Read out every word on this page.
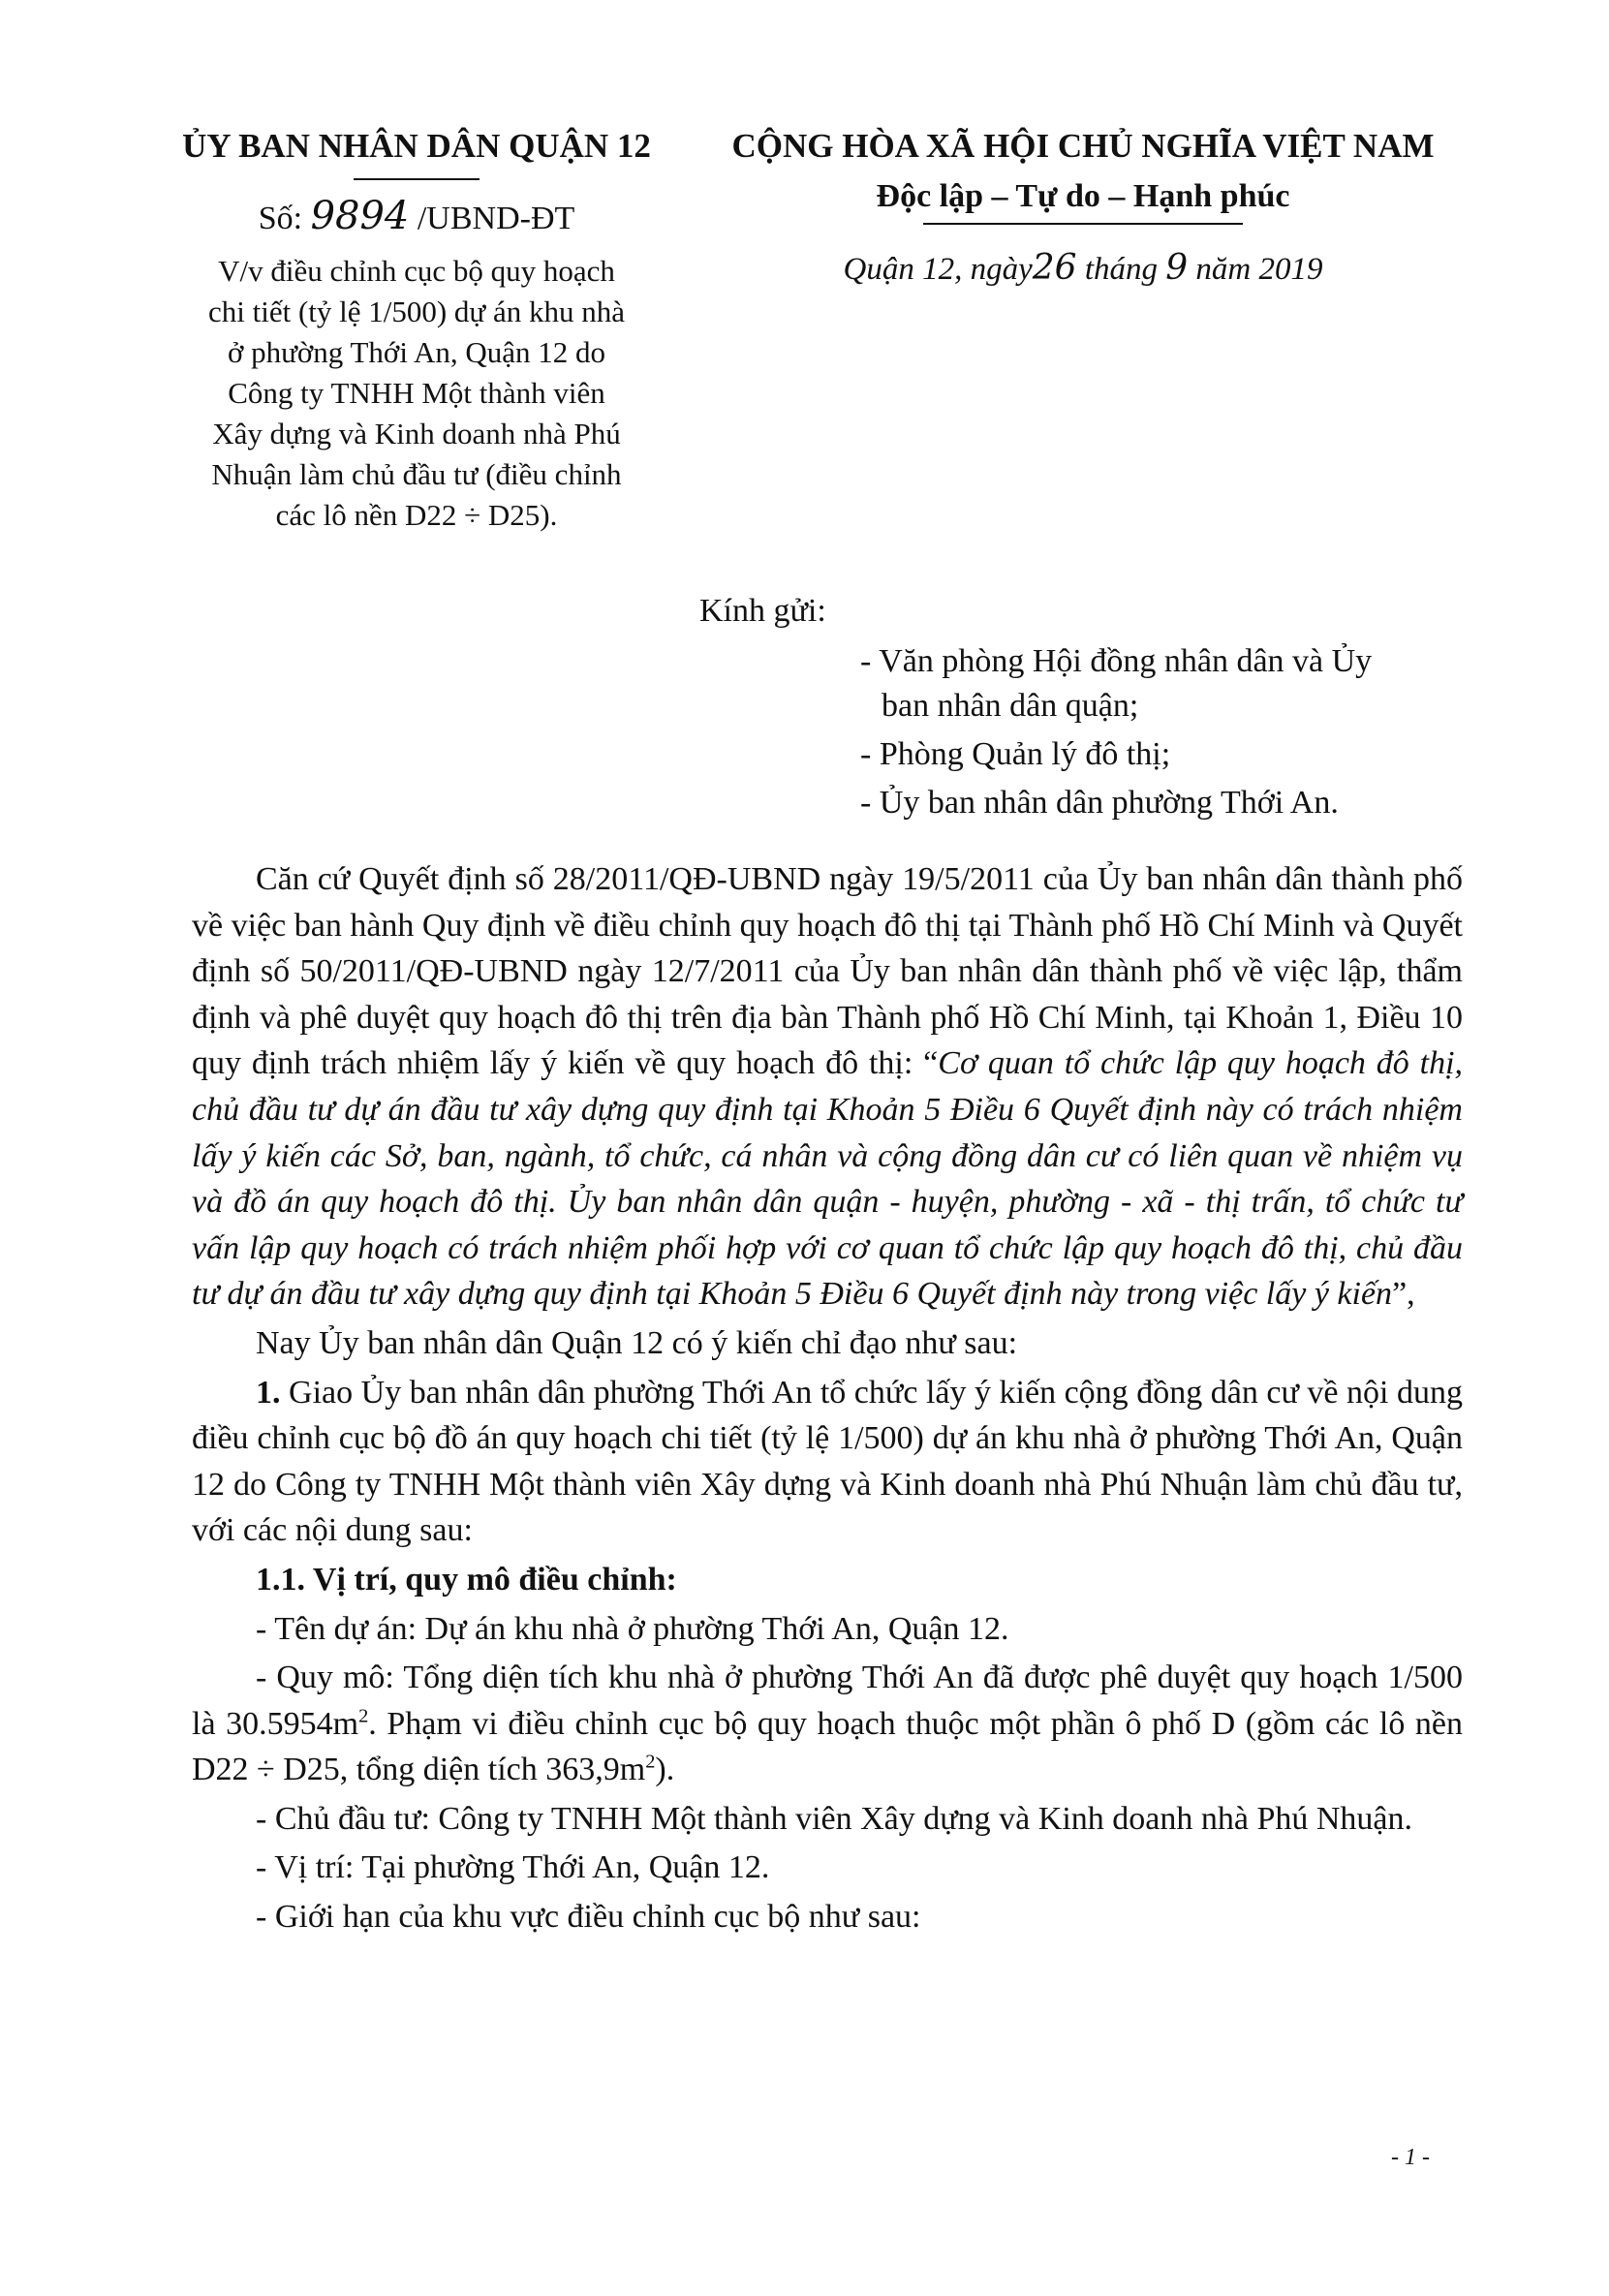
ỦY BAN NHÂN DÂN QUẬN 12
Số: 9894 /UBND-ĐT
V/v điều chỉnh cục bộ quy hoạch
chi tiết (tỷ lệ 1/500) dự án khu nhà
ở phường Thới An, Quận 12 do
Công ty TNHH Một thành viên
Xây dựng và Kinh doanh nhà Phú
Nhuận làm chủ đầu tư (điều chỉnh
các lô nền D22 ÷ D25).
CỘNG HÒA XÃ HỘI CHỦ NGHĨA VIỆT NAM
Độc lập – Tự do – Hạnh phúc
Quận 12, ngày26 tháng 9 năm 2019
Kính gửi:
- Văn phòng Hội đồng nhân dân và Ủy
ban nhân dân quận;
- Phòng Quản lý đô thị;
- Ủy ban nhân dân phường Thới An.

Căn cứ Quyết định số 28/2011/QĐ-UBND ngày 19/5/2011 của Ủy ban nhân dân thành phố về việc ban hành Quy định về điều chỉnh quy hoạch đô thị tại Thành phố Hồ Chí Minh và Quyết định số 50/2011/QĐ-UBND ngày 12/7/2011 của Ủy ban nhân dân thành phố về việc lập, thẩm định và phê duyệt quy hoạch đô thị trên địa bàn Thành phố Hồ Chí Minh, tại Khoản 1, Điều 10 quy định trách nhiệm lấy ý kiến về quy hoạch đô thị: “Cơ quan tổ chức lập quy hoạch đô thị, chủ đầu tư dự án đầu tư xây dựng quy định tại Khoản 5 Điều 6 Quyết định này có trách nhiệm lấy ý kiến các Sở, ban, ngành, tổ chức, cá nhân và cộng đồng dân cư có liên quan về nhiệm vụ và đồ án quy hoạch đô thị. Ủy ban nhân dân quận - huyện, phường - xã - thị trấn, tổ chức tư vấn lập quy hoạch có trách nhiệm phối hợp với cơ quan tổ chức lập quy hoạch đô thị, chủ đầu tư dự án đầu tư xây dựng quy định tại Khoản 5 Điều 6 Quyết định này trong việc lấy ý kiến”,

Nay Ủy ban nhân dân Quận 12 có ý kiến chỉ đạo như sau:

1. Giao Ủy ban nhân dân phường Thới An tổ chức lấy ý kiến cộng đồng dân cư về nội dung điều chỉnh cục bộ đồ án quy hoạch chi tiết (tỷ lệ 1/500) dự án khu nhà ở phường Thới An, Quận 12 do Công ty TNHH Một thành viên Xây dựng và Kinh doanh nhà Phú Nhuận làm chủ đầu tư, với các nội dung sau:

1.1. Vị trí, quy mô điều chỉnh:

- Tên dự án: Dự án khu nhà ở phường Thới An, Quận 12.

- Quy mô: Tổng diện tích khu nhà ở phường Thới An đã được phê duyệt quy hoạch 1/500 là $30.5954m^2$. Phạm vi điều chỉnh cục bộ quy hoạch thuộc một phần ô phố D (gồm các lô nền D22 ÷ D25, tổng diện tích $363,9m^2$).

- Chủ đầu tư: Công ty TNHH Một thành viên Xây dựng và Kinh doanh nhà Phú Nhuận.

- Vị trí: Tại phường Thới An, Quận 12.

- Giới hạn của khu vực điều chỉnh cục bộ như sau:

- 1 -
